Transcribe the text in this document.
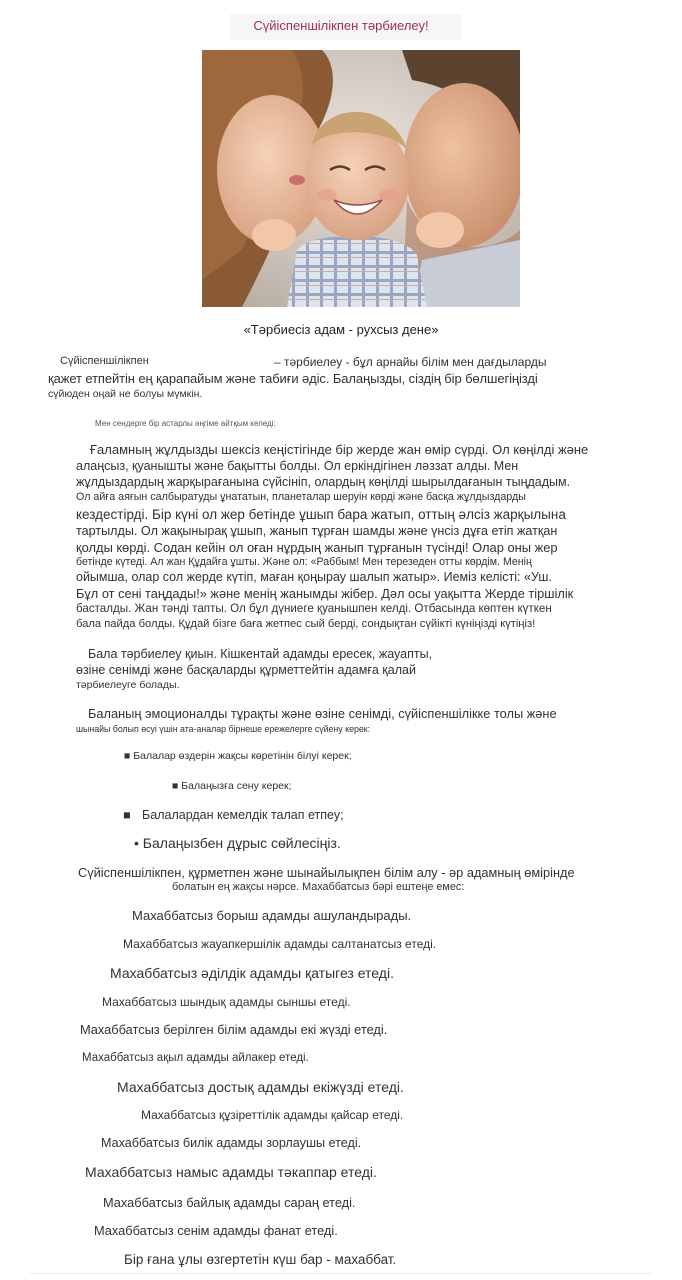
Сүйіспеншілікпен тәрбиелеу!
«Тәрбиесіз адам - рухсыз дене»
Сүйіспеншілікпен	– тәрбиелеу - бұл арнайы білім мен дағдыларды
қажет етпейтін ең қарапайым және табиғи әдіс. Балаңызды, сіздің бір бөлшегіңізді
сүйюден оңай не болуы мүмкін.
Мен сендерге бір астарлы әңгіме айтқым келеді:
Ғаламның жұлдызды шексіз кеңістігінде бір жерде жан өмір сүрді. Ол көңілді және
алаңсыз, қуанышты және бақытты болды. Ол еркіндігінен ләззат алды. Мен
жұлдыздардың жарқырағанына сүйсініп, олардың көңілді шырылдағанын тыңдадым.
Ол айға аяғын салбыратуды ұнататын, планеталар шеруін көрді және басқа жұлдыздарды
кездестірді. Бір күні ол жер бетінде ұшып бара жатып, оттың әлсіз жарқылына
тартылды. Ол жақынырақ ұшып, жанып тұрған шамды және үнсіз дұға етіп жатқан
қолды көрді. Содан кейін ол оған нұрдың жанып тұрғанын түсінді! Олар оны жер
бетінде күтеді. Ал жан Құдайға ұшты. Және ол: «Раббым! Мен терезеден отты көрдім. Менің
ойымша, олар сол жерде күтіп, маған қоңырау шалып жатыр». Иеміз келісті: «Уш.
Бұл от сені таңдады!» және менің жанымды жібер. Дәл осы уақытта Жерде тіршілік
басталды. Жан тәнді тапты. Ол бұл дүниеге қуанышпен келді. Отбасында көптен күткен
бала пайда болды. Құдай бізге баға жетпес сый берді, сондықтан сүйікті күніңізді күтіңіз!
Бала тәрбиелеу қиын. Кішкентай адамды ересек, жауапты,
өзіне сенімді және басқаларды құрметтейтін адамға қалай
тәрбиелеуге болады.
Баланың эмоционалды тұрақты және өзіне сенімді, сүйіспеншілікке толы және
шынайы болып өсуі үшін ата-аналар бірнеше ережелерге сүйену керек:
■ Балалар өздерін жақсы көретінін білуі керек;
■ Балаңызға сену керек;
■ Балалардан кемелдік талап етпеу;
• Балаңызбен дұрыс сөйлесіңіз.
Сүйіспеншілікпен, құрметпен және шынайылықпен білім алу - әр адамның өмірінде
болатын ең жақсы нәрсе. Махаббатсыз бәрі ештеңе емес:
Махаббатсыз борыш адамды ашуландырады.
Махаббатсыз жауапкершілік адамды салтанатсыз етеді.
Махаббатсыз әділдік адамды қатыгез етеді.
Махаббатсыз шындық адамды сыншы етеді.
Махаббатсыз берілген білім адамды екі жүзді етеді.
Махаббатсыз ақыл адамды айлакер етеді.
Махаббатсыз достық адамды екіжүзді етеді.
Махаббатсыз құзіреттілік адамды қайсар етеді.
Махаббатсыз билік адамды зорлаушы етеді.
Махаббатсыз намыс адамды тәкаппар етеді.
Махаббатсыз байлық адамды сараң етеді.
Махаббатсыз сенім адамды фанат етеді.
Бір ғана ұлы өзгертетін күш бар - махаббат.
